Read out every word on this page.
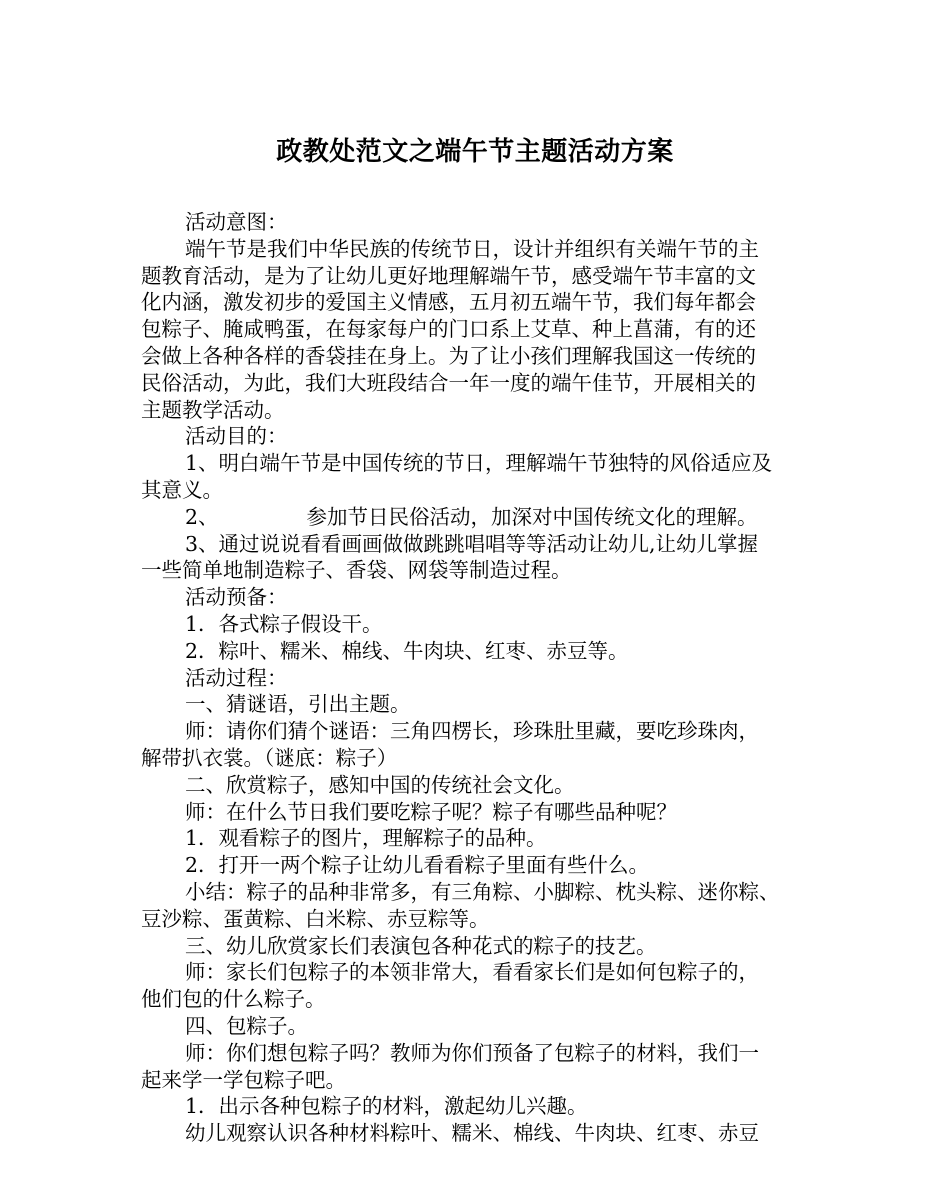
政教处范文之端午节主题活动方案

活动意图：

端午节是我们中华民族的传统节日，设计并组织有关端午节的主

题教育活动，是为了让幼儿更好地理解端午节，感受端午节丰富的文

化内涵，激发初步的爱国主义情感，五月初五端午节，我们每年都会

包粽子、腌咸鸭蛋，在每家每户的门口系上艾草、种上菖蒲，有的还

会做上各种各样的香袋挂在身上。为了让小孩们理解我国这一传统的

民俗活动，为此，我们大班段结合一年一度的端午佳节，开展相关的

主题教学活动。

活动目的：

1、明白端午节是中国传统的节日，理解端午节独特的风俗适应及

其意义。

2、	参加节日民俗活动，加深对中国传统文化的理解。

3、通过说说看看画画做做跳跳唱唱等等活动让幼儿,让幼儿掌握

一些简单地制造粽子、香袋、网袋等制造过程。

活动预备：

1．各式粽子假设干。

2．粽叶、糯米、棉线、牛肉块、红枣、赤豆等。

活动过程：

一、猜谜语，引出主题。

师：请你们猜个谜语：三角四楞长，珍珠肚里藏，要吃珍珠肉，

解带扒衣裳。（谜底：粽子）

二、欣赏粽子，感知中国的传统社会文化。

师：在什么节日我们要吃粽子呢？粽子有哪些品种呢？

1．观看粽子的图片，理解粽子的品种。

2．打开一两个粽子让幼儿看看粽子里面有些什么。

小结：粽子的品种非常多，有三角粽、小脚粽、枕头粽、迷你粽、

豆沙粽、蛋黄粽、白米粽、赤豆粽等。

三、幼儿欣赏家长们表演包各种花式的粽子的技艺。

师：家长们包粽子的本领非常大，看看家长们是如何包粽子的，

他们包的什么粽子。

四、包粽子。

师：你们想包粽子吗？教师为你们预备了包粽子的材料，我们一

起来学一学包粽子吧。

1．出示各种包粽子的材料，激起幼儿兴趣。

幼儿观察认识各种材料粽叶、糯米、棉线、牛肉块、红枣、赤豆
